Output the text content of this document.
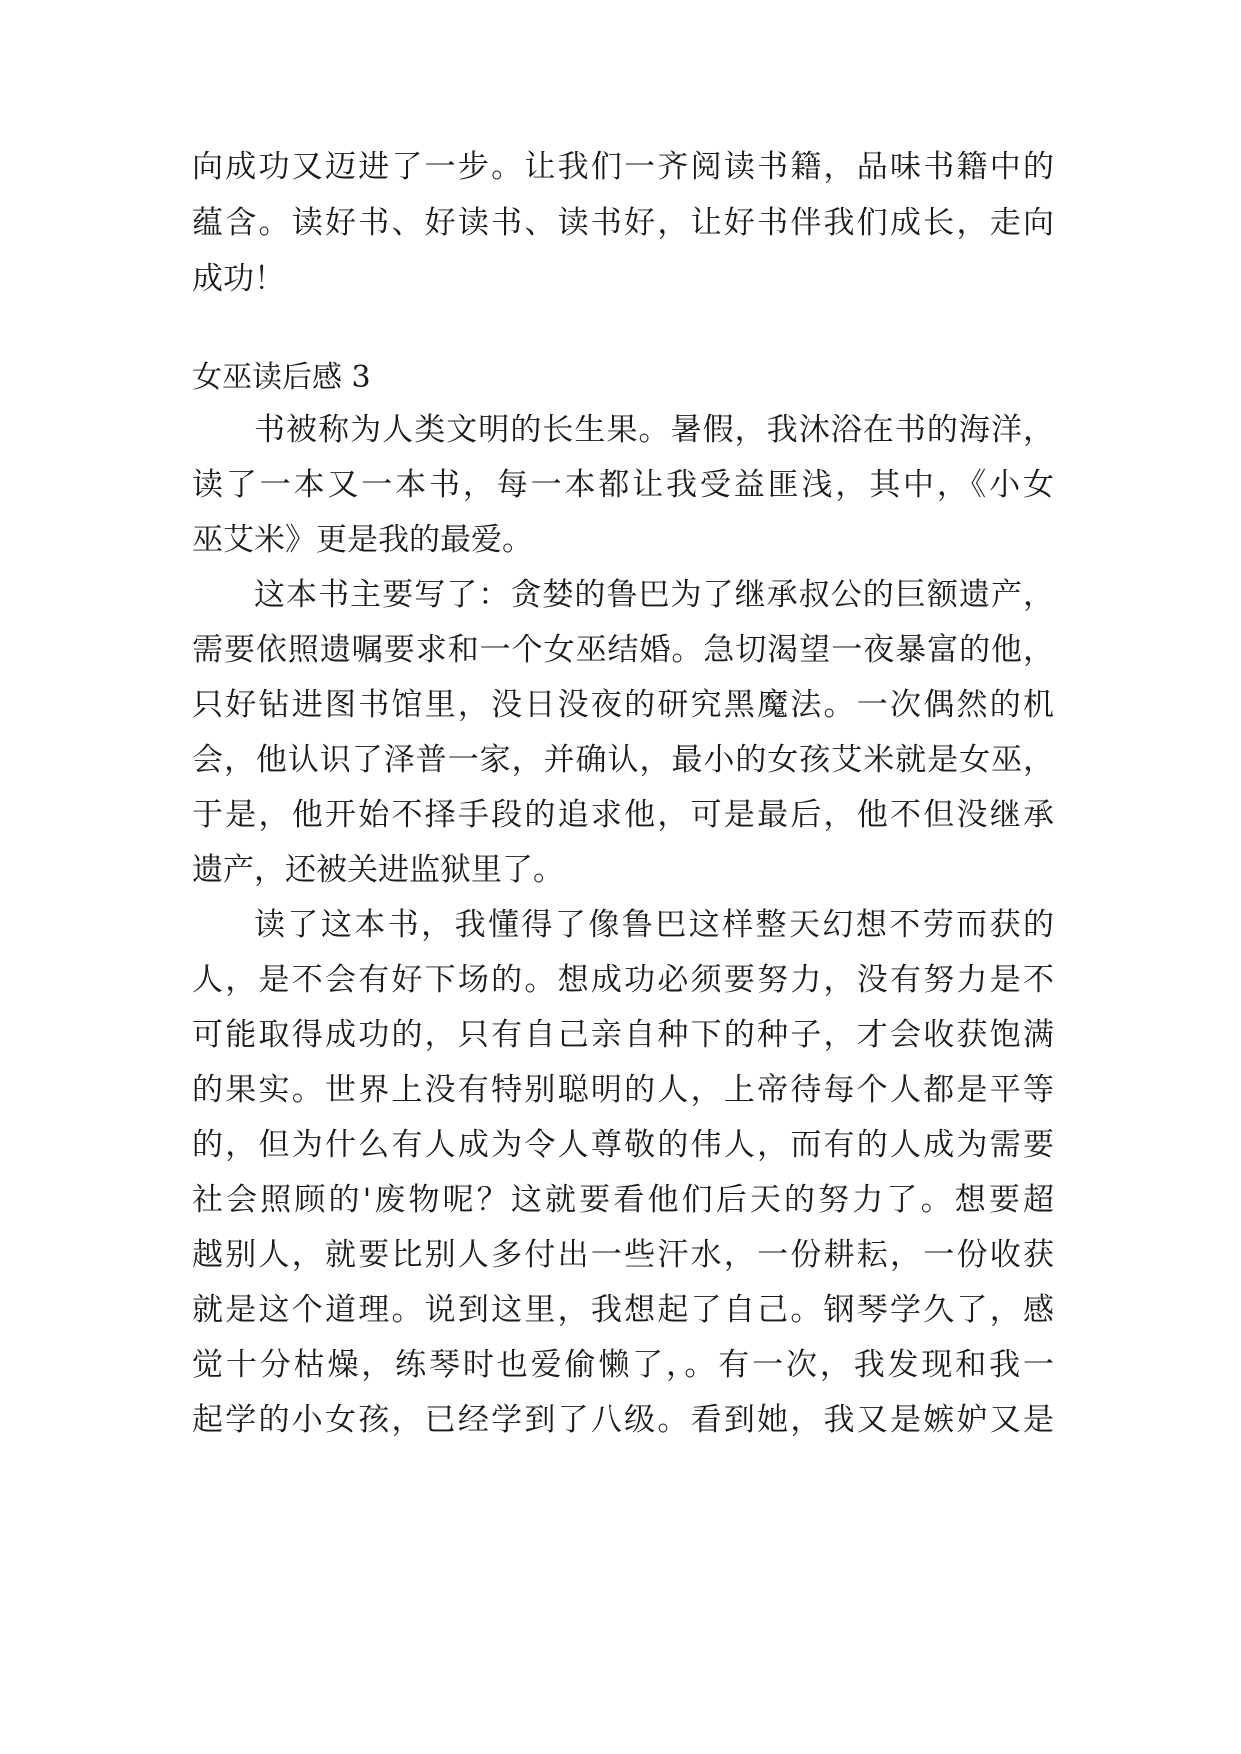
向成功又迈进了一步。让我们一齐阅读书籍，品味书籍中的
蕴含。读好书、好读书、读书好，让好书伴我们成长，走向
成功！
女巫读后感 3
书被称为人类文明的长生果。暑假，我沐浴在书的海洋，
读了一本又一本书，每一本都让我受益匪浅，其中，《小女
巫艾米》更是我的最爱。
这本书主要写了：贪婪的鲁巴为了继承叔公的巨额遗产，
需要依照遗嘱要求和一个女巫结婚。急切渴望一夜暴富的他，
只好钻进图书馆里，没日没夜的研究黑魔法。一次偶然的机
会，他认识了泽普一家，并确认，最小的女孩艾米就是女巫，
于是，他开始不择手段的追求他，可是最后，他不但没继承
遗产，还被关进监狱里了。
读了这本书，我懂得了像鲁巴这样整天幻想不劳而获的
人，是不会有好下场的。想成功必须要努力，没有努力是不
可能取得成功的，只有自己亲自种下的种子，才会收获饱满
的果实。世界上没有特别聪明的人，上帝待每个人都是平等
的，但为什么有人成为令人尊敬的伟人，而有的人成为需要
社会照顾的'废物呢？这就要看他们后天的努力了。想要超
越别人，就要比别人多付出一些汗水，一份耕耘，一份收获
就是这个道理。说到这里，我想起了自己。钢琴学久了，感
觉十分枯燥，练琴时也爱偷懒了，。有一次，我发现和我一
起学的小女孩，已经学到了八级。看到她，我又是嫉妒又是
